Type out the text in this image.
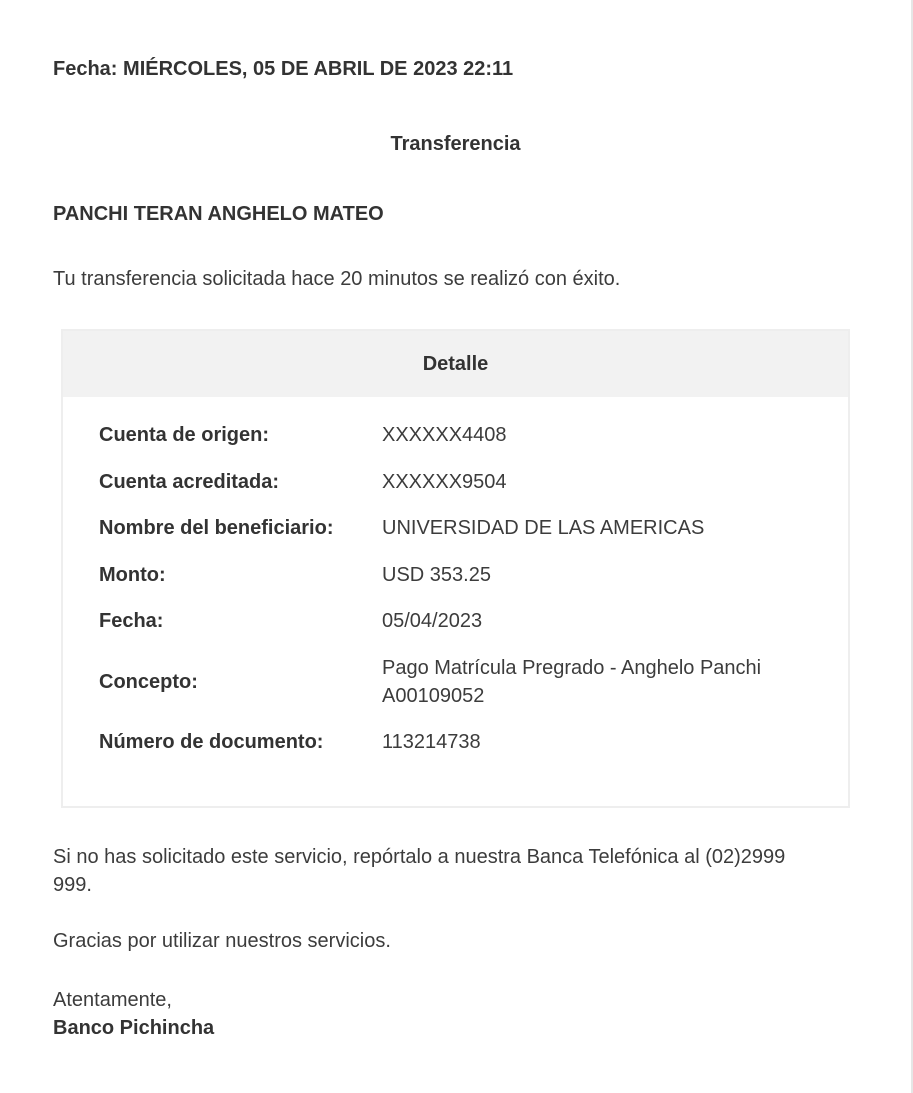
Fecha: MIÉRCOLES, 05 DE ABRIL DE 2023 22:11
Transferencia
PANCHI TERAN ANGHELO MATEO
Tu transferencia solicitada hace 20 minutos se realizó con éxito.
Detalle
Cuenta de origen:	XXXXXX4408
Cuenta acreditada:	XXXXXX9504
Nombre del beneficiario:	UNIVERSIDAD DE LAS AMERICAS
Monto:	USD 353.25
Fecha:	05/04/2023
Concepto:
Pago Matrícula Pregrado - Anghelo Panchi A00109052
Número de documento:	113214738
Si no has solicitado este servicio, repórtalo a nuestra Banca Telefónica al (02)2999 999.
Gracias por utilizar nuestros servicios.
Atentamente,
Banco Pichincha
